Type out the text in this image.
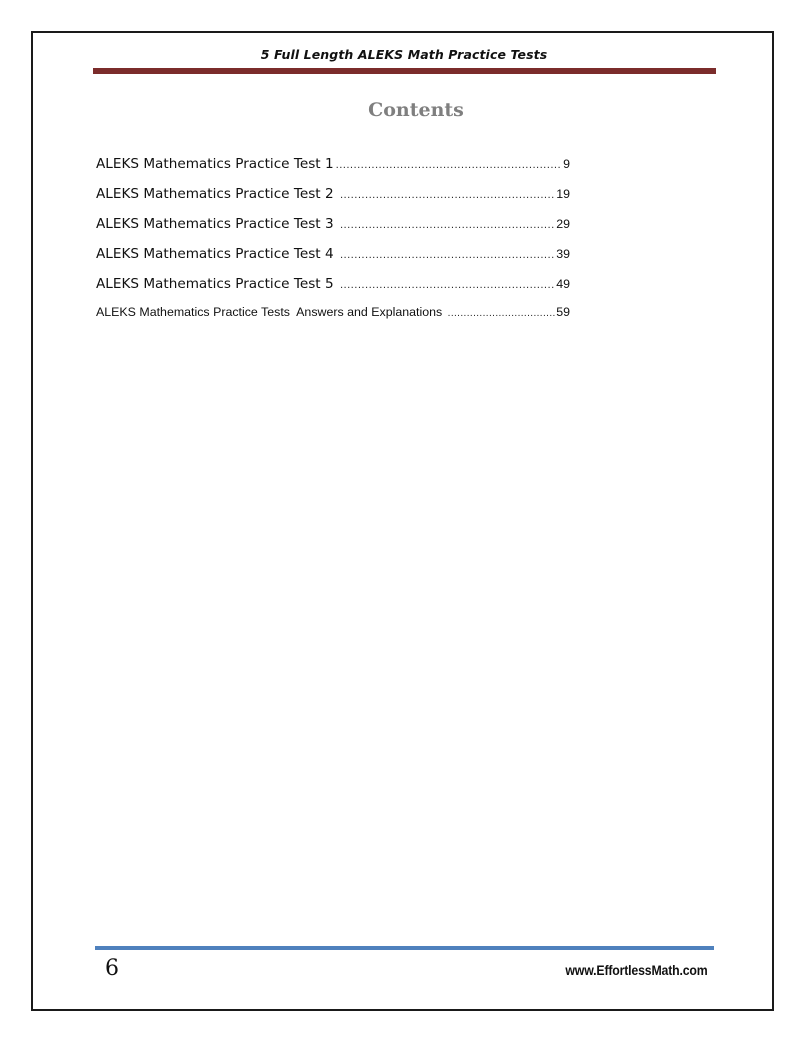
5 Full Length ALEKS Math Practice Tests
Contents
ALEKS Mathematics Practice Test 1 .....	9
ALEKS Mathematics Practice Test 2 .....	19
ALEKS Mathematics Practice Test 3 .....	29
ALEKS Mathematics Practice Test 4 .....	39
ALEKS Mathematics Practice Test 5 .....	49
ALEKS Mathematics Practice Tests  Answers and Explanations .....	59
6	www.EffortlessMath.com
